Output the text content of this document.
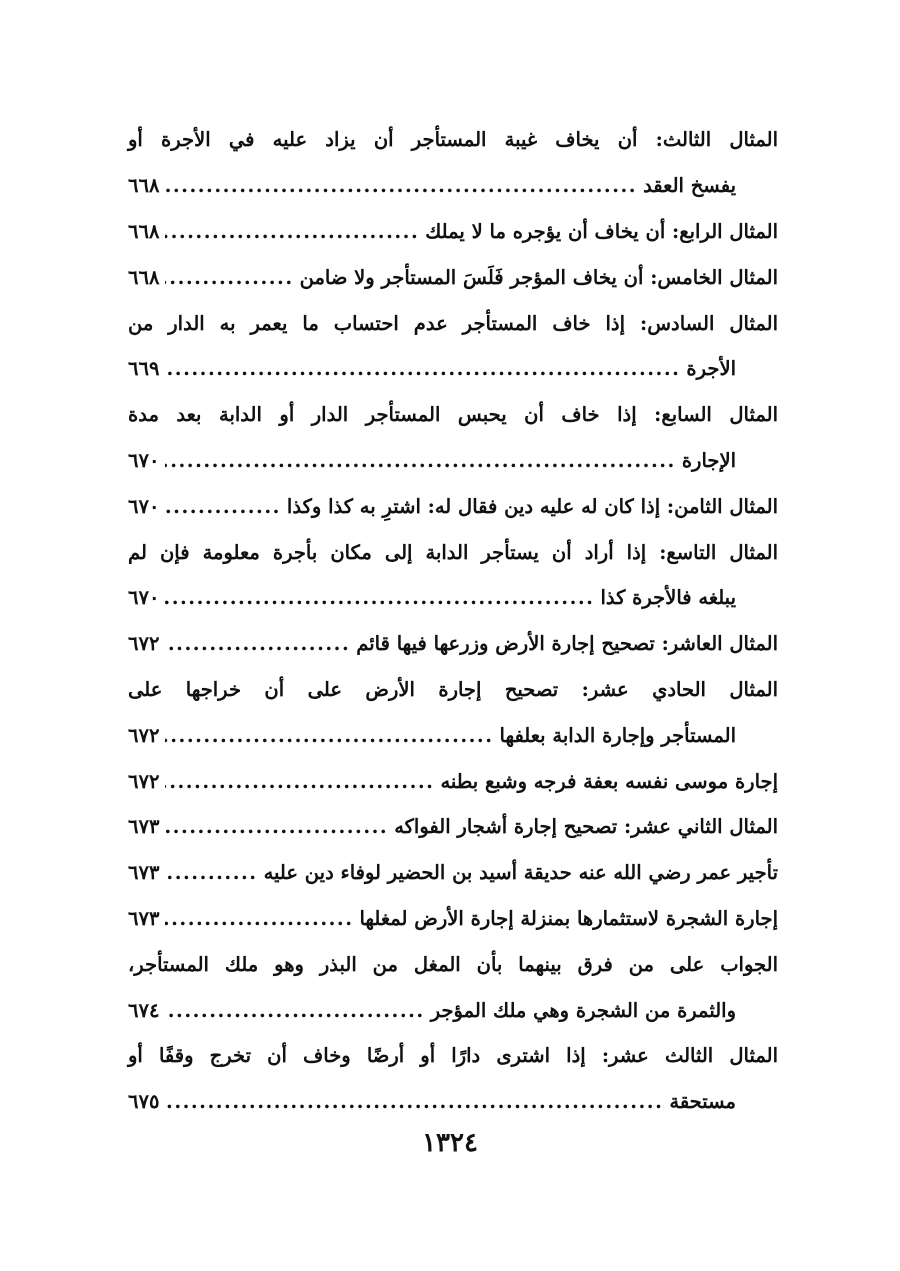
المثال الثالث: أن يخاف غيبة المستأجر أن يزاد عليه في الأجرة أو
يفسخ العقد
.....
٦٦٨
المثال الرابع: أن يخاف أن يؤجره ما لا يملك
.....
٦٦٨
المثال الخامس: أن يخاف المؤجر فَلَسَ المستأجر ولا ضامن
.....
٦٦٨
المثال السادس: إذا خاف المستأجر عدم احتساب ما يعمر به الدار من
الأجرة
.....
٦٦٩
المثال السابع: إذا خاف أن يحبس المستأجر الدار أو الدابة بعد مدة
الإجارة
.....
٦٧٠
المثال الثامن: إذا كان له عليه دين فقال له: اشترِ به كذا وكذا
.....
٦٧٠
المثال التاسع: إذا أراد أن يستأجر الدابة إلى مكان بأجرة معلومة فإن لم
يبلغه فالأجرة كذا
.....
٦٧٠
المثال العاشر: تصحيح إجارة الأرض وزرعها فيها قائم
.....
٦٧٢
المثال الحادي عشر: تصحيح إجارة الأرض على أن خراجها على
المستأجر وإجارة الدابة بعلفها
.....
٦٧٢
إجارة موسى نفسه بعفة فرجه وشبع بطنه
.....
٦٧٢
المثال الثاني عشر: تصحيح إجارة أشجار الفواكه
.....
٦٧٣
تأجير عمر رضي الله عنه حديقة أسيد بن الحضير لوفاء دين عليه
.....
٦٧٣
إجارة الشجرة لاستثمارها بمنزلة إجارة الأرض لمغلها
.....
٦٧٣
الجواب على من فرق بينهما بأن المغل من البذر وهو ملك المستأجر،
والثمرة من الشجرة وهي ملك المؤجر
.....
٦٧٤
المثال الثالث عشر: إذا اشترى دارًا أو أرضًا وخاف أن تخرج وقفًا أو
مستحقة
.....
٦٧٥
١٣٢٤
